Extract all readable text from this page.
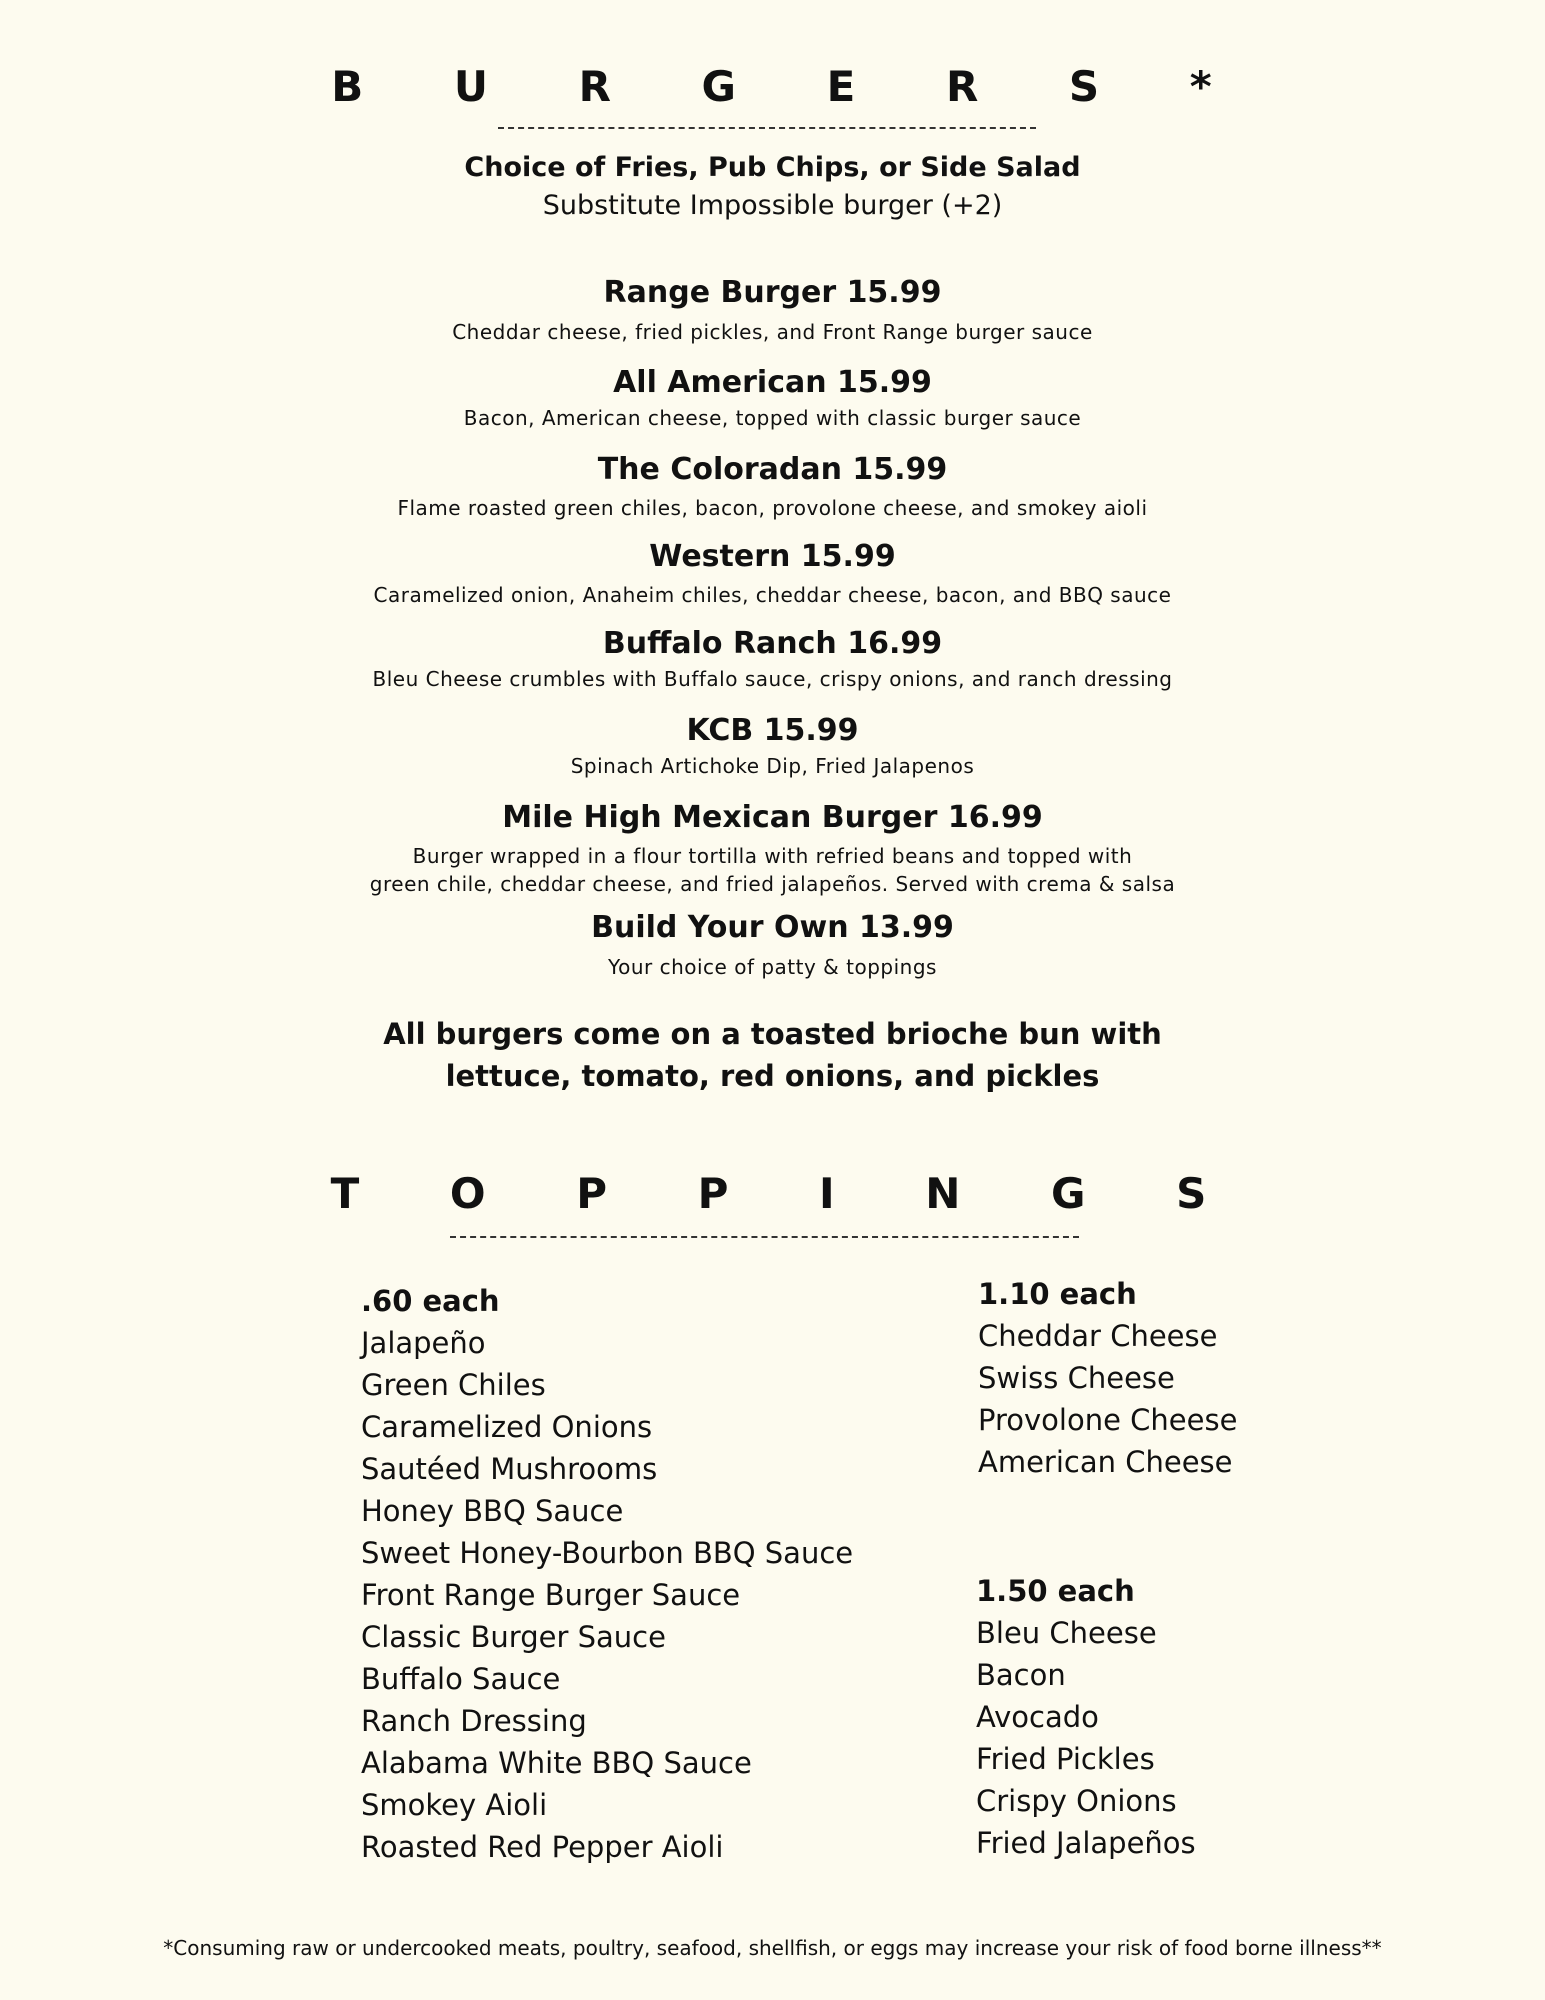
B U R G E R S *
Choice of Fries, Pub Chips, or Side Salad
Substitute Impossible burger (+2)
Range Burger 15.99
Cheddar cheese, fried pickles, and Front Range burger sauce
All American 15.99
Bacon, American cheese, topped with classic burger sauce
The Coloradan 15.99
Flame roasted green chiles, bacon, provolone cheese, and smokey aioli
Western 15.99
Caramelized onion, Anaheim chiles, cheddar cheese, bacon, and BBQ sauce
Buffalo Ranch 16.99
Bleu Cheese crumbles with Buffalo sauce, crispy onions, and ranch dressing
KCB 15.99
Spinach Artichoke Dip, Fried Jalapenos
Mile High Mexican Burger 16.99
Burger wrapped in a flour tortilla with refried beans and topped with
green chile, cheddar cheese, and fried jalapeños. Served with crema & salsa
Build Your Own 13.99
Your choice of patty & toppings
All burgers come on a toasted brioche bun with
lettuce, tomato, red onions, and pickles
T O P P I N G S
.60 each
Jalapeño
Green Chiles
Caramelized Onions
Sautéed Mushrooms
Honey BBQ Sauce
Sweet Honey-Bourbon BBQ Sauce
Front Range Burger Sauce
Classic Burger Sauce
Buffalo Sauce
Ranch Dressing
Alabama White BBQ Sauce
Smokey Aioli
Roasted Red Pepper Aioli
1.10 each
Cheddar Cheese
Swiss Cheese
Provolone Cheese
American Cheese
1.50 each
Bleu Cheese
Bacon
Avocado
Fried Pickles
Crispy Onions
Fried Jalapeños
*Consuming raw or undercooked meats, poultry, seafood, shellfish, or eggs may increase your risk of food borne illness**
